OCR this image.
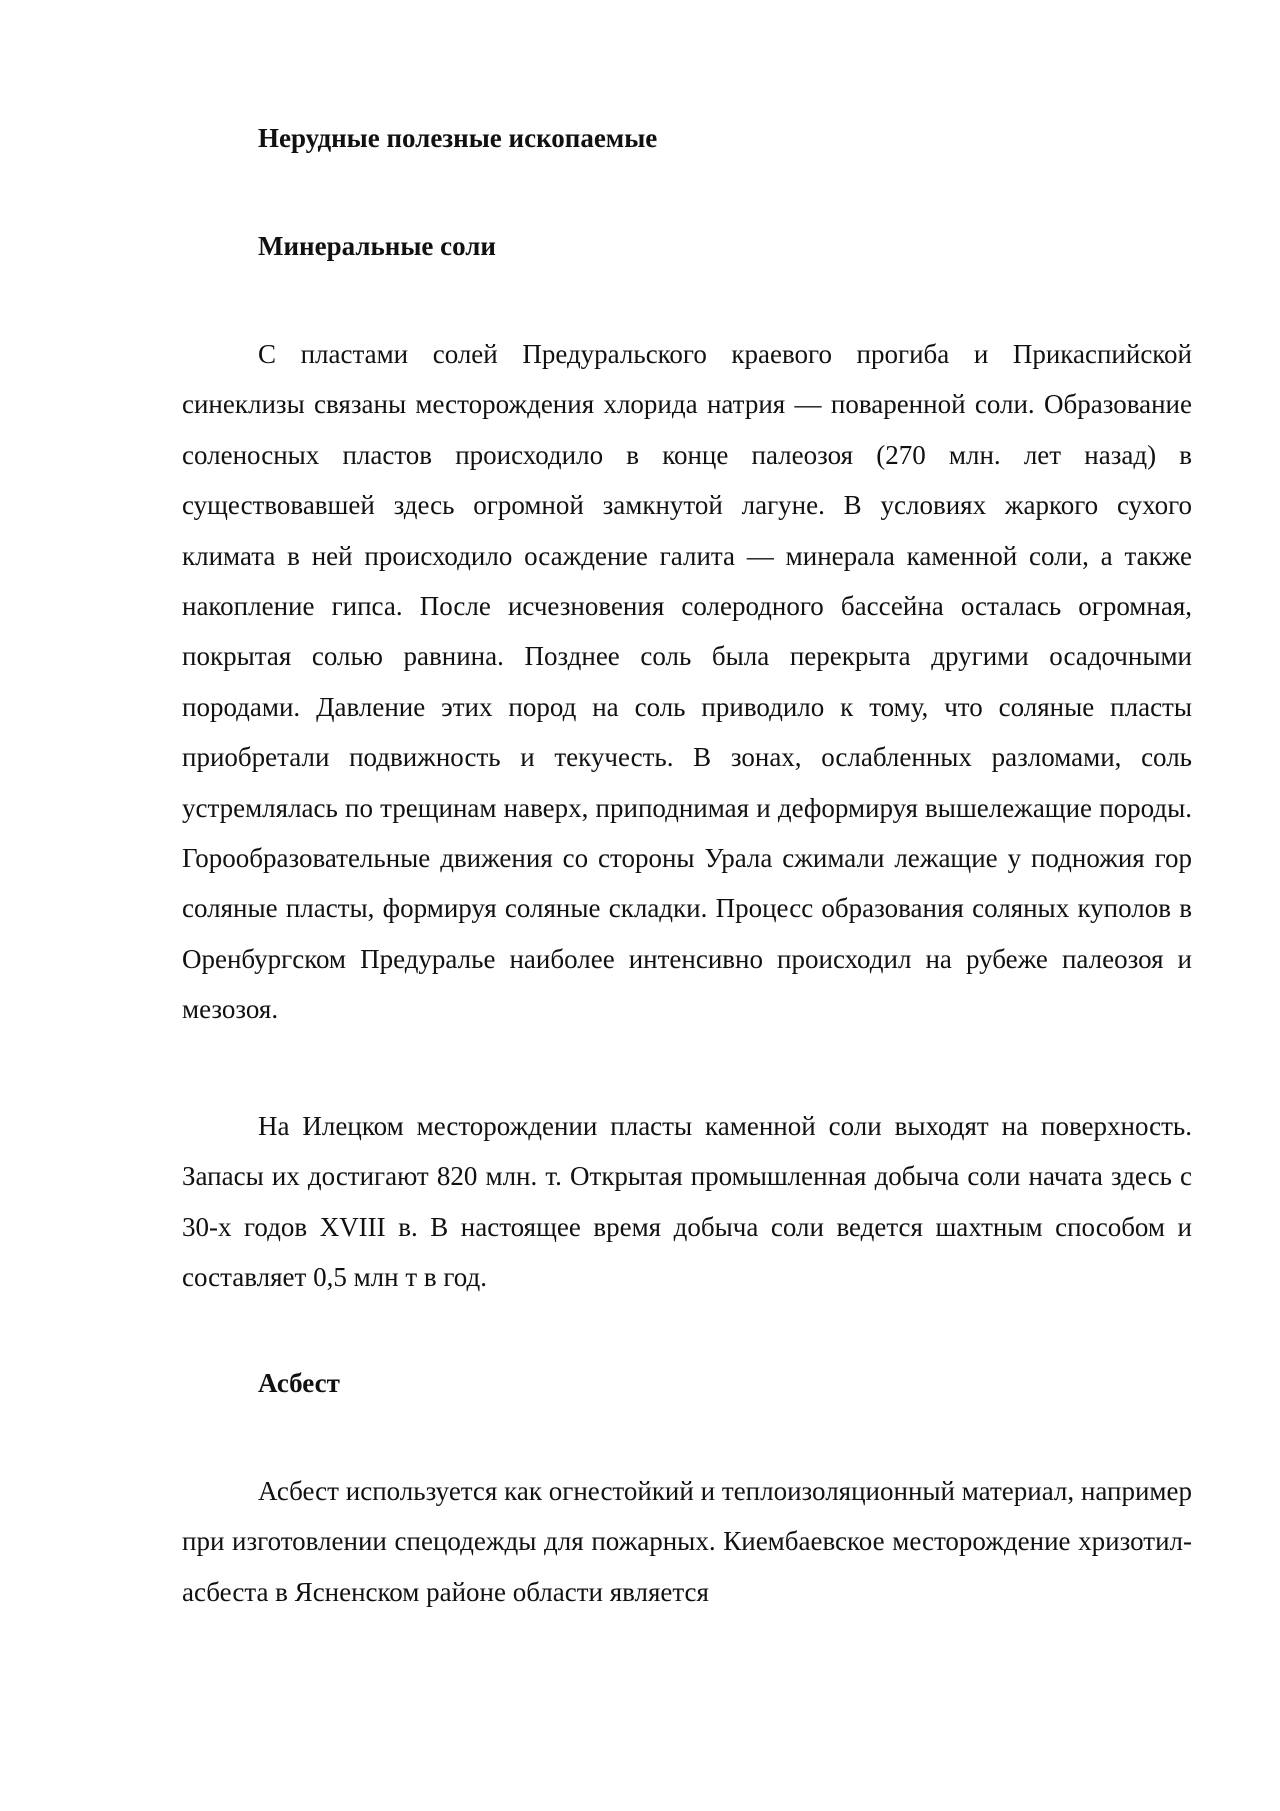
Нерудные полезные ископаемые
Минеральные соли

С пластами солей Предуральского краевого прогиба и Прикаспийской синеклизы связаны месторождения хлорида натрия — поваренной соли. Образование соленосных пластов происходило в конце палеозоя (270 млн. лет назад) в существовавшей здесь огромной замкнутой лагуне. В условиях жаркого сухого климата в ней происходило осаждение галита — минерала каменной соли, а также накопление гипса. После исчезновения солеродного бассейна осталась огромная, покрытая солью равнина. Позднее соль была перекрыта другими осадочными породами. Давление этих пород на соль приводило к тому, что соляные пласты приобретали подвижность и текучесть. В зонах, ослабленных разломами, соль устремлялась по трещинам наверх, приподнимая и деформируя вышележащие породы. Горообразовательные движения со стороны Урала сжимали лежащие у подножия гор соляные пласты, формируя соляные складки. Процесс образования соляных куполов в Оренбургском Предуралье наиболее интенсивно происходил на рубеже палеозоя и мезозоя.

На Илецком месторождении пласты каменной соли выходят на поверхность. Запасы их достигают 820 млн. т. Открытая промышленная добыча соли начата здесь с 30-х годов XVIII в. В настоящее время добыча соли ведется шахтным способом и составляет 0,5 млн т в год.

Асбест

Асбест используется как огнестойкий и теплоизоляционный материал, например при изготовлении спецодежды для пожарных. Киембаевское месторождение хризотил-асбеста в Ясненском районе области является
